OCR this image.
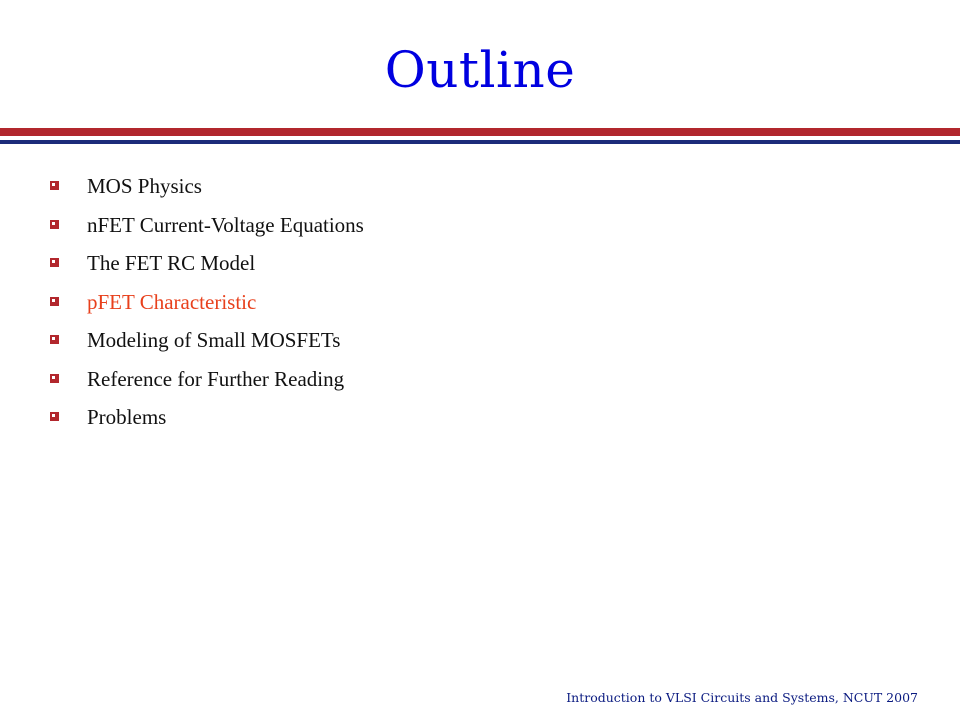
Outline
MOS Physics
nFET Current-Voltage Equations
The FET RC Model
pFET Characteristic
Modeling of Small MOSFETs
Reference for Further Reading
Problems
Introduction to VLSI Circuits and Systems, NCUT 2007
